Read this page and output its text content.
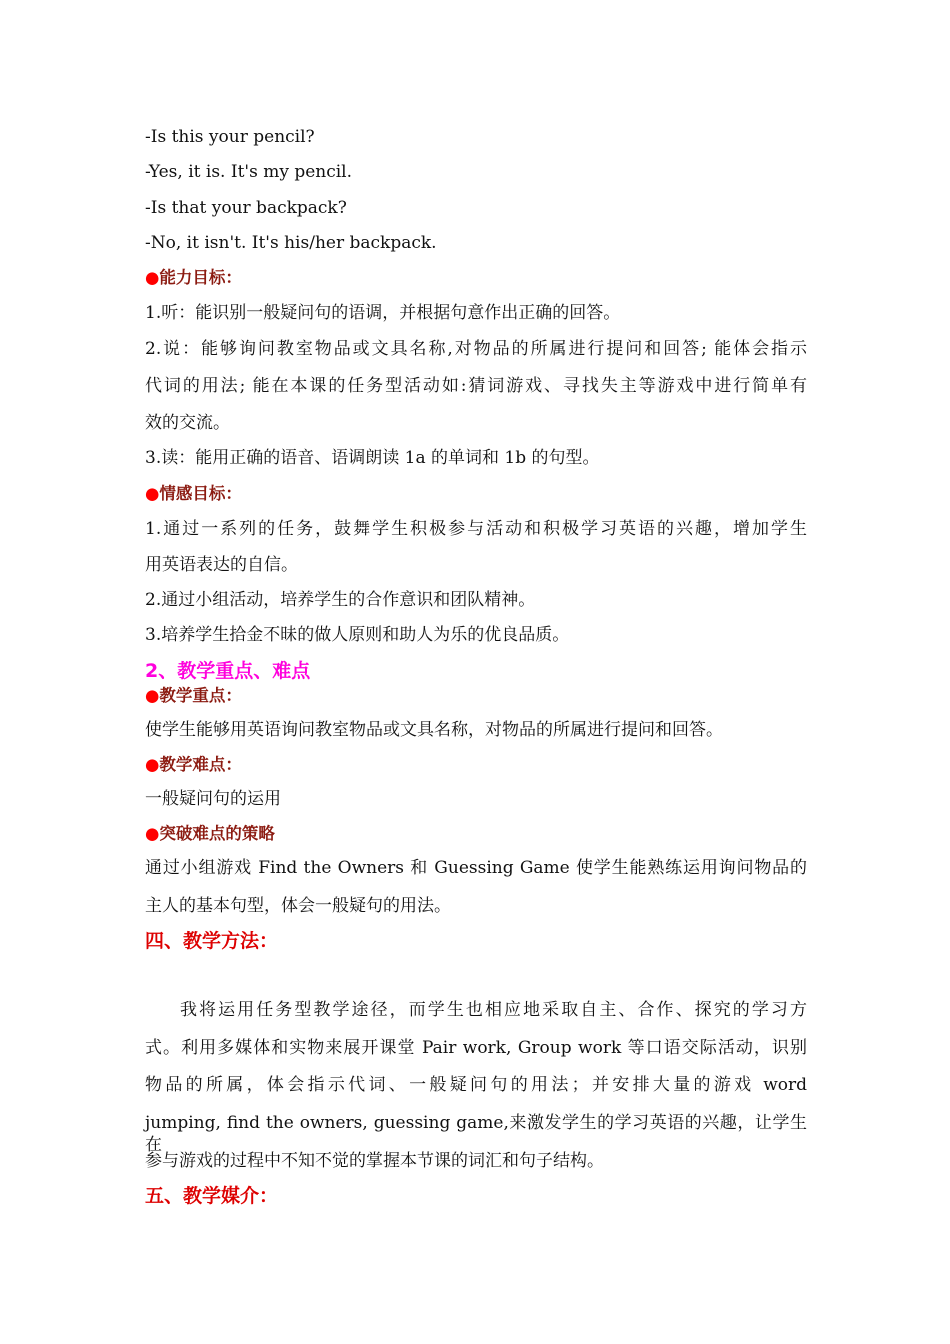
-Is this your pencil?
-Yes, it is. It's my pencil.
-Is that your backpack?
-No, it isn't. It's his/her backpack.
●能力目标：
1.听：能识别一般疑问句的语调，并根据句意作出正确的回答。
2.说：能够询问教室物品或文具名称,对物品的所属进行提问和回答; 能体会指示
代词的用法; 能在本课的任务型活动如:猜词游戏、寻找失主等游戏中进行简单有
效的交流。
3.读：能用正确的语音、语调朗读 1a 的单词和 1b 的句型。
●情感目标：
1.通过一系列的任务，鼓舞学生积极参与活动和积极学习英语的兴趣，增加学生
用英语表达的自信。
2.通过小组活动，培养学生的合作意识和团队精神。
3.培养学生拾金不昧的做人原则和助人为乐的优良品质。
2、教学重点、难点
●教学重点：
使学生能够用英语询问教室物品或文具名称，对物品的所属进行提问和回答。
●教学难点：
一般疑问句的运用
●突破难点的策略
通过小组游戏 Find the Owners 和 Guessing Game 使学生能熟练运用询问物品的
主人的基本句型，体会一般疑句的用法。
四、教学方法：
我将运用任务型教学途径，而学生也相应地采取自主、合作、探究的学习方
式。利用多媒体和实物来展开课堂 Pair work, Group work 等口语交际活动，识别
物品的所属，体会指示代词、一般疑问句的用法；并安排大量的游戏 word
jumping, find the owners, guessing game,来激发学生的学习英语的兴趣，让学生在
参与游戏的过程中不知不觉的掌握本节课的词汇和句子结构。
五、教学媒介：
